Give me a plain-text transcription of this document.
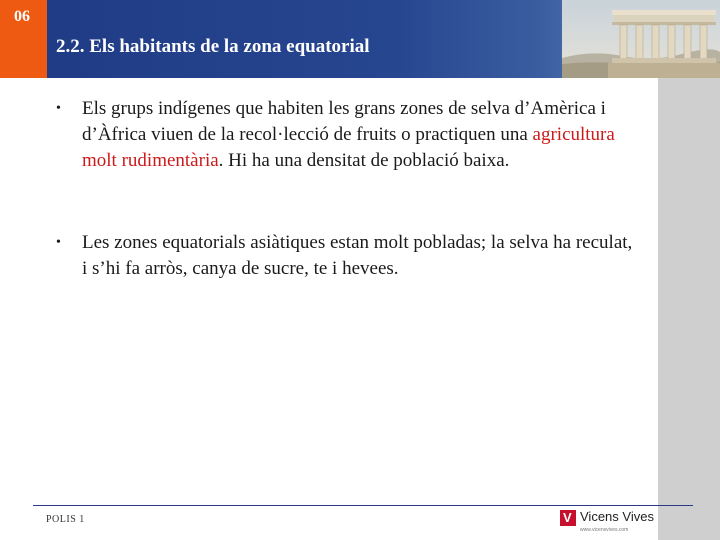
06
2.2. Els habitants de la zona equatorial
• Els grups indígenes que habiten les grans zones de selva d’Amèrica i d’Àfrica viuen de la recol·lecció de fruits o practiquen una agricultura molt rudimentària. Hi ha una densitat de població baixa.
• Les zones equatorials asiàtiques estan molt pobladas; la selva ha reculat, i s’hi fa arròs, canya de sucre, te i hevees.
POLIS 1	V Vicens Vives
www.vicensvives.com
